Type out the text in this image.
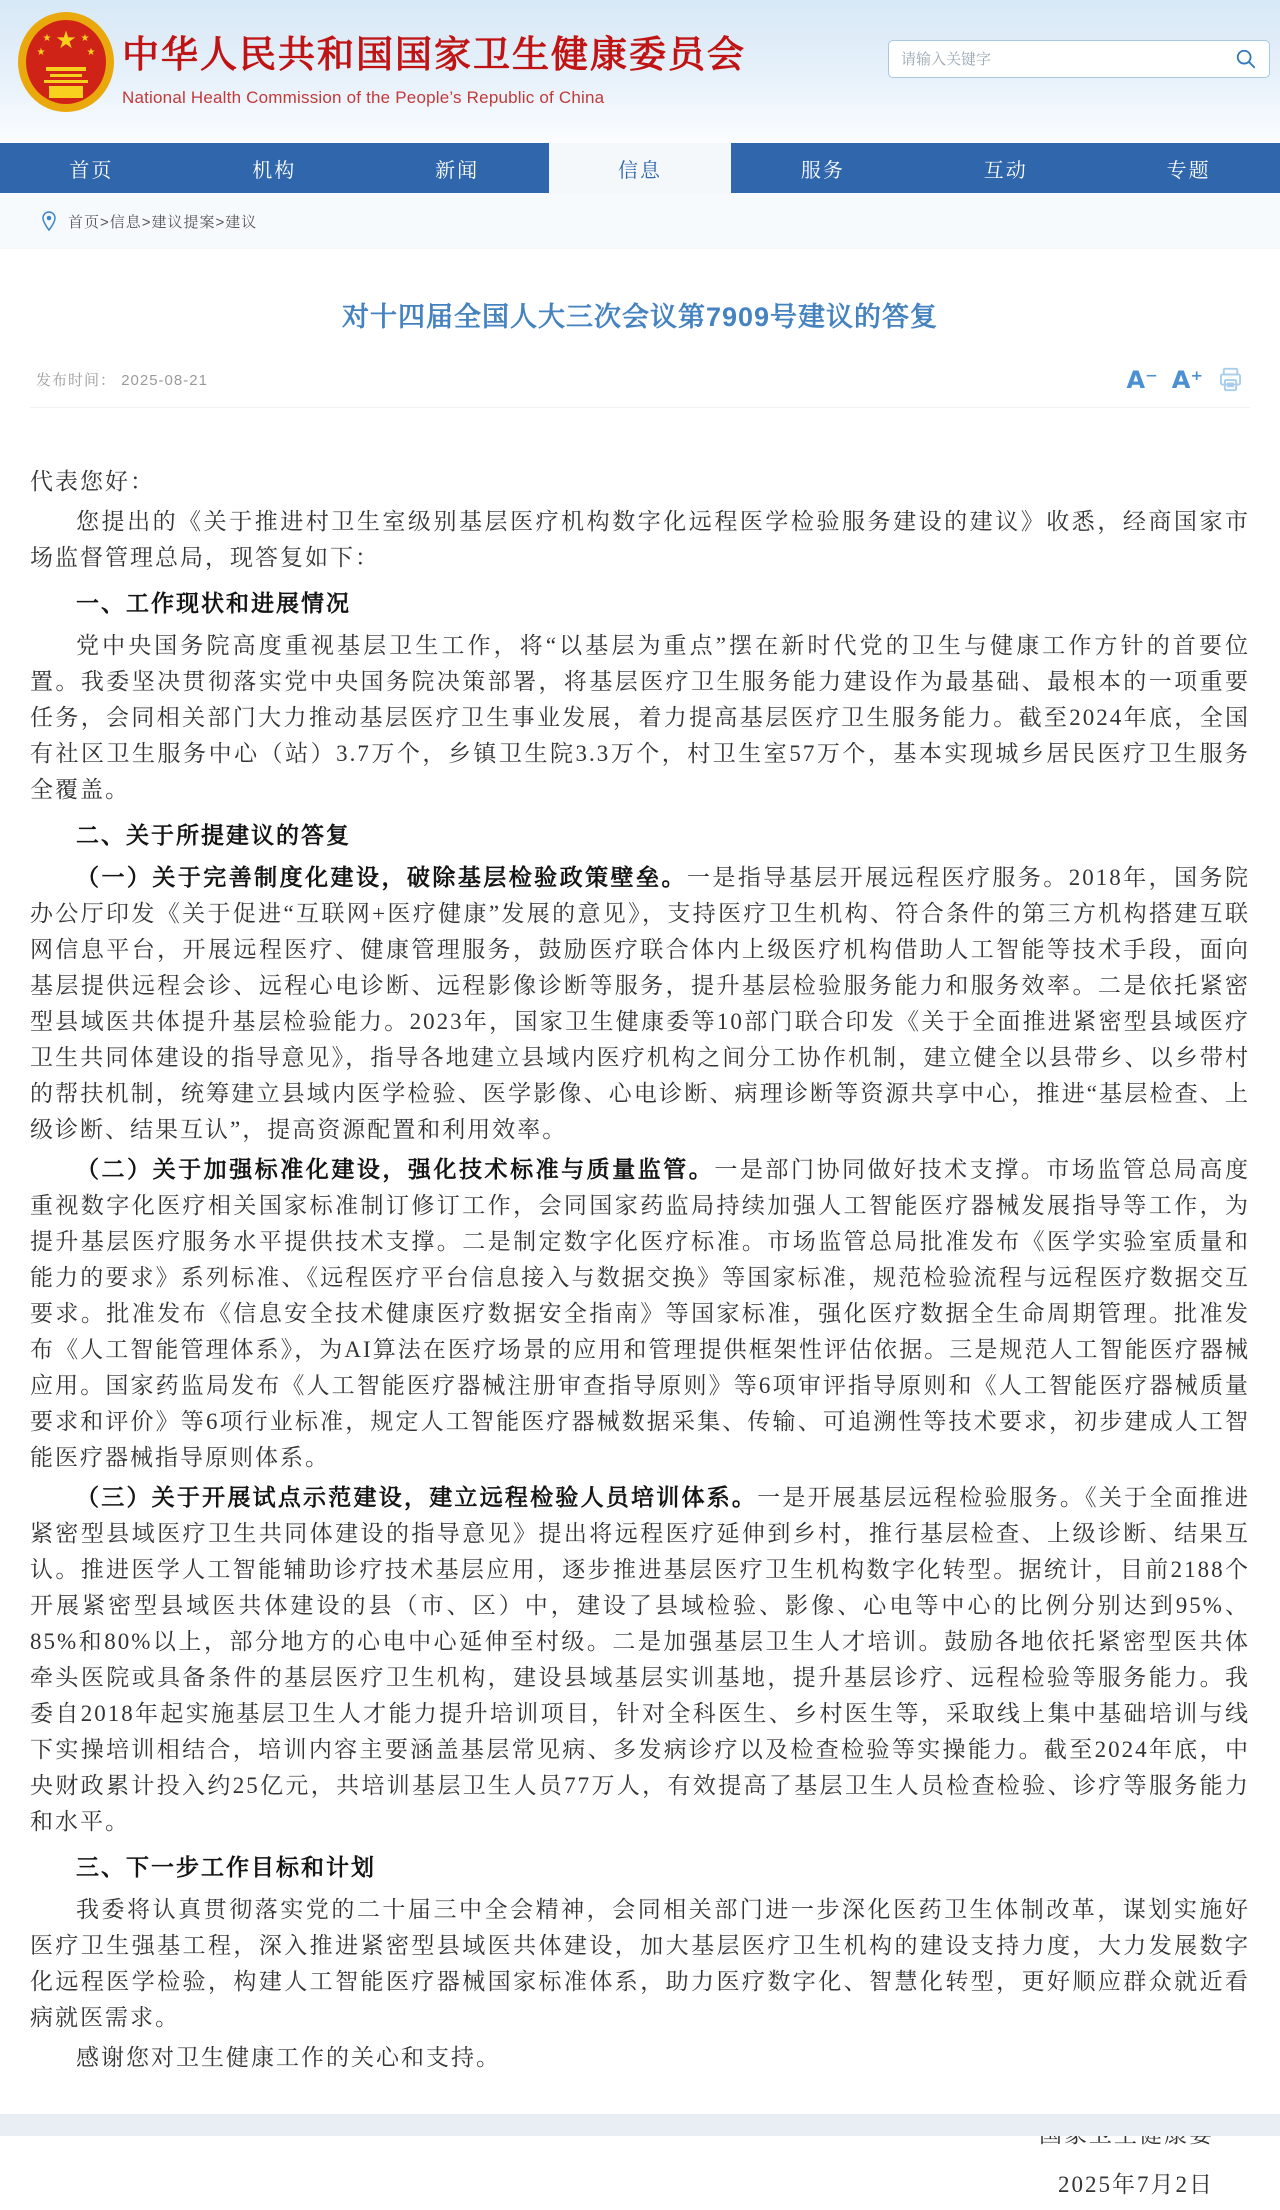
★
★	★
★	★ 中华人民共和国国家卫生健康委员会
National Health Commission of the People’s Republic of China
请输入关键字
首页	机构	新闻	信息	服务	互动	专题
首页>信息>建议提案>建议
对十四届全国人大三次会议第7909号建议的答复
发布时间： 2025-08-21	A⁻ A⁺

代表您好：

您提出的《关于推进村卫生室级别基层医疗机构数字化远程医学检验服务建设的建议》收悉，经商国家市场监督管理总局，现答复如下：

一、工作现状和进展情况

党中央国务院高度重视基层卫生工作，将“以基层为重点”摆在新时代党的卫生与健康工作方针的首要位置。我委坚决贯彻落实党中央国务院决策部署，将基层医疗卫生服务能力建设作为最基础、最根本的一项重要任务，会同相关部门大力推动基层医疗卫生事业发展，着力提高基层医疗卫生服务能力。截至2024年底，全国有社区卫生服务中心（站）3.7万个，乡镇卫生院3.3万个，村卫生室57万个，基本实现城乡居民医疗卫生服务全覆盖。

二、关于所提建议的答复

（一）关于完善制度化建设，破除基层检验政策壁垒。一是指导基层开展远程医疗服务。2018年，国务院办公厅印发《关于促进“互联网+医疗健康”发展的意见》，支持医疗卫生机构、符合条件的第三方机构搭建互联网信息平台，开展远程医疗、健康管理服务，鼓励医疗联合体内上级医疗机构借助人工智能等技术手段，面向基层提供远程会诊、远程心电诊断、远程影像诊断等服务，提升基层检验服务能力和服务效率。二是依托紧密型县域医共体提升基层检验能力。2023年，国家卫生健康委等10部门联合印发《关于全面推进紧密型县域医疗卫生共同体建设的指导意见》，指导各地建立县域内医疗机构之间分工协作机制，建立健全以县带乡、以乡带村的帮扶机制，统筹建立县域内医学检验、医学影像、心电诊断、病理诊断等资源共享中心，推进“基层检查、上级诊断、结果互认”，提高资源配置和利用效率。

（二）关于加强标准化建设，强化技术标准与质量监管。一是部门协同做好技术支撑。市场监管总局高度重视数字化医疗相关国家标准制订修订工作，会同国家药监局持续加强人工智能医疗器械发展指导等工作，为提升基层医疗服务水平提供技术支撑。二是制定数字化医疗标准。市场监管总局批准发布《医学实验室质量和能力的要求》系列标准、《远程医疗平台信息接入与数据交换》等国家标准，规范检验流程与远程医疗数据交互要求。批准发布《信息安全技术健康医疗数据安全指南》等国家标准，强化医疗数据全生命周期管理。批准发布《人工智能管理体系》，为AI算法在医疗场景的应用和管理提供框架性评估依据。三是规范人工智能医疗器械应用。国家药监局发布《人工智能医疗器械注册审查指导原则》等6项审评指导原则和《人工智能医疗器械质量要求和评价》等6项行业标准，规定人工智能医疗器械数据采集、传输、可追溯性等技术要求，初步建成人工智能医疗器械指导原则体系。

（三）关于开展试点示范建设，建立远程检验人员培训体系。一是开展基层远程检验服务。《关于全面推进紧密型县域医疗卫生共同体建设的指导意见》提出将远程医疗延伸到乡村，推行基层检查、上级诊断、结果互认。推进医学人工智能辅助诊疗技术基层应用，逐步推进基层医疗卫生机构数字化转型。据统计，目前2188个开展紧密型县域医共体建设的县（市、区）中，建设了县域检验、影像、心电等中心的比例分别达到95%、85%和80%以上，部分地方的心电中心延伸至村级。二是加强基层卫生人才培训。鼓励各地依托紧密型医共体牵头医院或具备条件的基层医疗卫生机构，建设县域基层实训基地，提升基层诊疗、远程检验等服务能力。我委自2018年起实施基层卫生人才能力提升培训项目，针对全科医生、乡村医生等，采取线上集中基础培训与线下实操培训相结合，培训内容主要涵盖基层常见病、多发病诊疗以及检查检验等实操能力。截至2024年底，中央财政累计投入约25亿元，共培训基层卫生人员77万人，有效提高了基层卫生人员检查检验、诊疗等服务能力和水平。

三、下一步工作目标和计划

我委将认真贯彻落实党的二十届三中全会精神，会同相关部门进一步深化医药卫生体制改革，谋划实施好医疗卫生强基工程，深入推进紧密型县域医共体建设，加大基层医疗卫生机构的建设支持力度，大力发展数字化远程医学检验，构建人工智能医疗器械国家标准体系，助力医疗数字化、智慧化转型，更好顺应群众就近看病就医需求。

感谢您对卫生健康工作的关心和支持。

2025年7月2日
